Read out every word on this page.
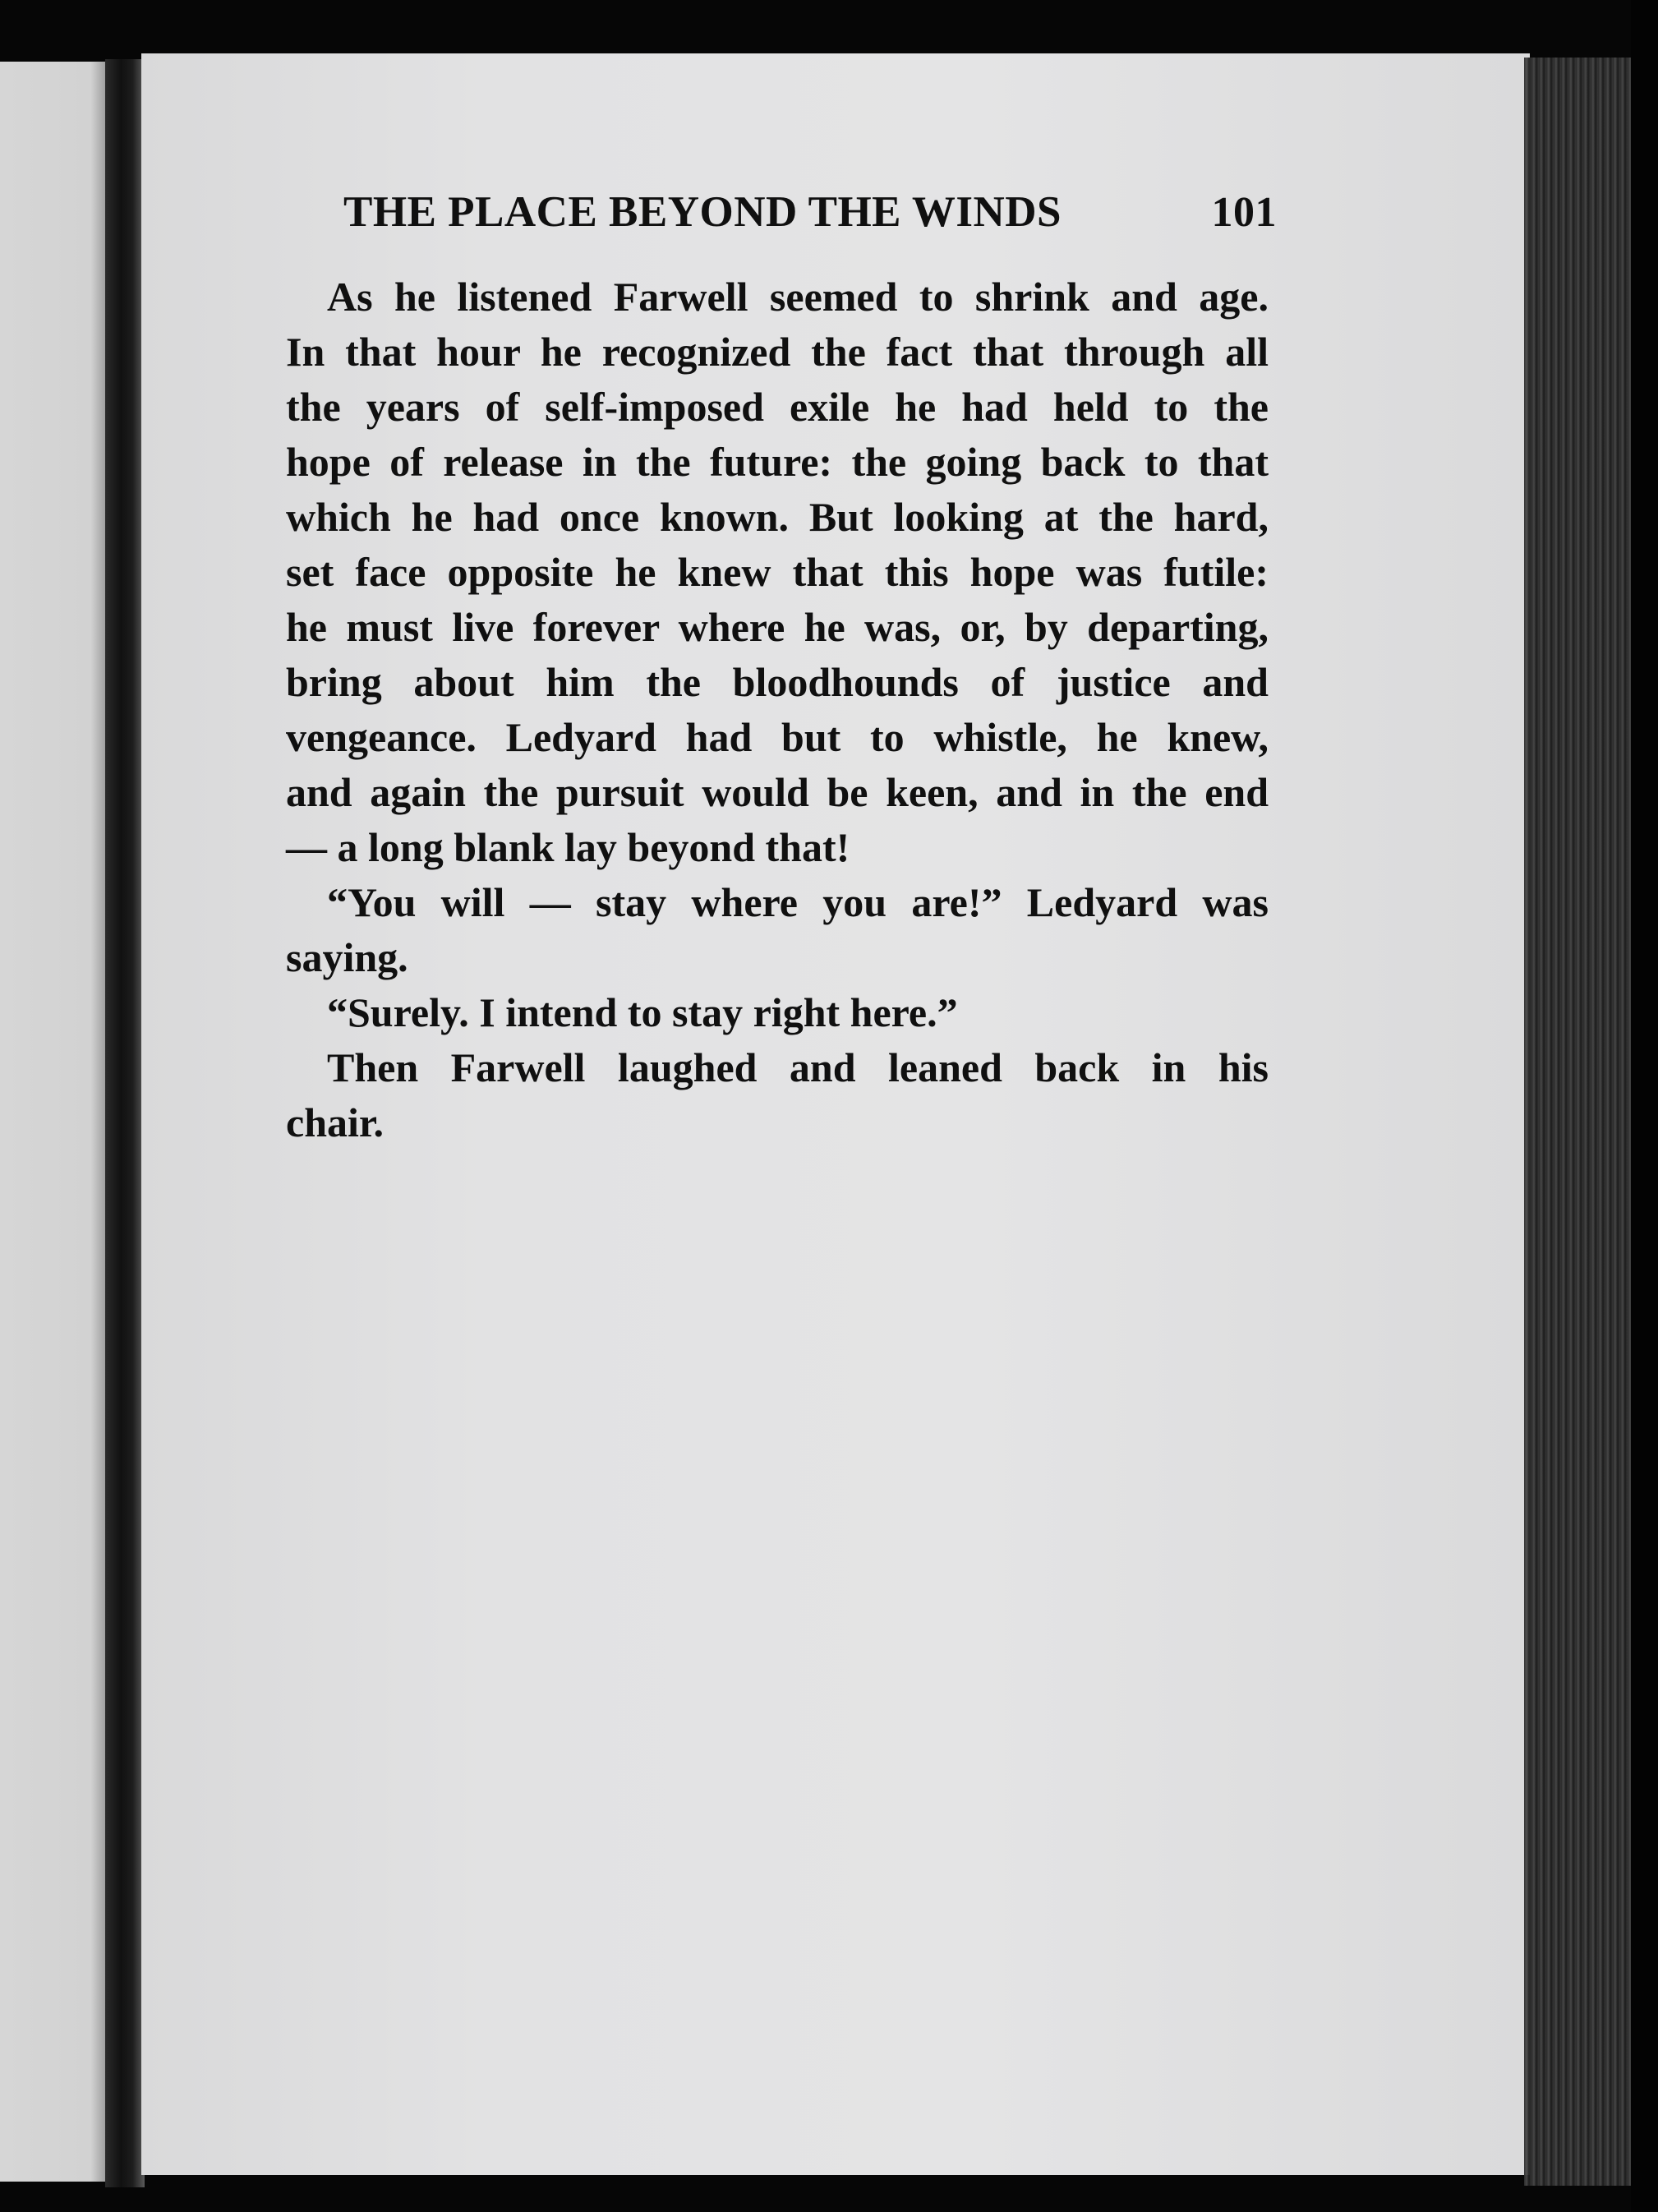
THE PLACE BEYOND THE WINDS	101
As he listened Farwell seemed to shrink and age.
In that hour he recognized the fact that through all
the years of self-imposed exile he had held to the
hope of release in the future: the going back to that
which he had once known. But looking at the hard,
set face opposite he knew that this hope was futile:
he must live forever where he was, or, by departing,
bring about him the bloodhounds of justice and
vengeance. Ledyard had but to whistle, he knew,
and again the pursuit would be keen, and in the end
— a long blank lay beyond that!
“You will — stay where you are!” Ledyard was
saying.
“Surely. I intend to stay right here.”
Then Farwell laughed and leaned back in his
chair.
